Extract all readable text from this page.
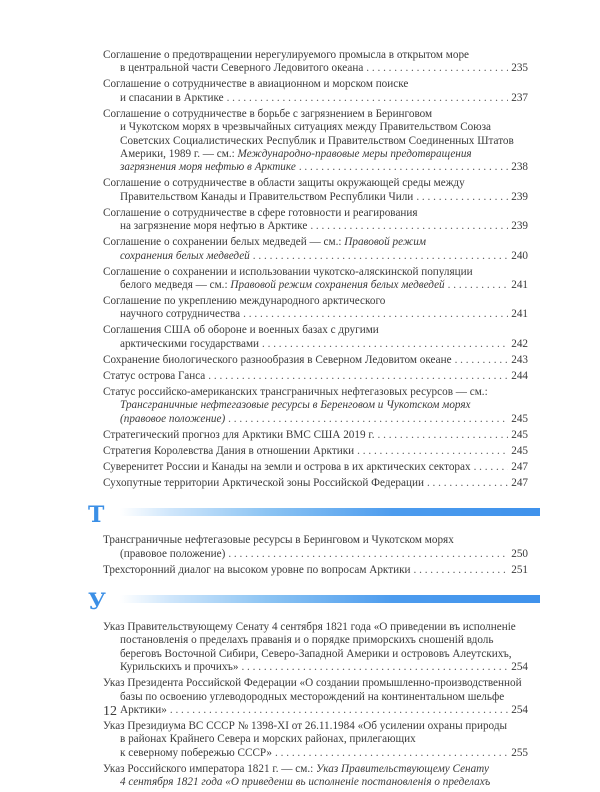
Соглашение о предотвращении нерегулируемого промысла в открытом море
в центральной части Северного Ледовитого океана . . .	235
Соглашение о сотрудничестве в авиационном и морском поиске
и спасании в Арктике . . .	237
Соглашение о сотрудничестве в борьбе с загрязнением в Беринговом
и Чукотском морях в чрезвычайных ситуациях между Правительством Союза
Советских Социалистических Республик и Правительством Соединенных Штатов
Америки, 1989 г. — см.: Международно-правовые меры предотвращения
загрязнения моря нефтью в Арктике . . .	238
Соглашение о сотрудничестве в области защиты окружающей среды между
Правительством Канады и Правительством Республики Чили . . .	239
Соглашение о сотрудничестве в сфере готовности и реагирования
на загрязнение моря нефтью в Арктике . . .	239
Соглашение о сохранении белых медведей — см.: Правовой режим
сохранения белых медведей . . .	240
Соглашение о сохранении и использовании чукотско-аляскинской популяции
белого медведя — см.: Правовой режим сохранения белых медведей . . .	241
Соглашение по укреплению международного арктического
научного сотрудничества . . .	241
Соглашения США об обороне и военных базах с другими
арктическими государствами . . .	242
Сохранение биологического разнообразия в Северном Ледовитом океане . . .	243
Статус острова Ганса . . .	244
Статус российско-американских трансграничных нефтегазовых ресурсов — см.:
Трансграничные нефтегазовые ресурсы в Беренговом и Чукотском морях
(правовое положение) . . .	245
Стратегический прогноз для Арктики ВМС США 2019 г. . . .	245
Стратегия Королевства Дания в отношении Арктики . . .	245
Суверенитет России и Канады на земли и острова в их арктических секторах . . .	247
Сухопутные территории Арктической зоны Российской Федерации . . .	247
Т
Трансграничные нефтегазовые ресурсы в Беринговом и Чукотском морях
(правовое положение) . . .	250
Трехсторонний диалог на высоком уровне по вопросам Арктики . . .	251
У
Указ Правительствующему Сенату 4 сентября 1821 года «О приведении въ исполненіе
постановленія о пределахъ праванія и о порядке приморскихъ сношеній вдоль
береговъ Восточной Сибири, Северо-Западной Америки и острововъ Алеутскихъ,
Курильскихъ и прочихъ» . . .	254
Указ Президента Российской Федерации «О создании промышленно-производственной
базы по освоению углеводородных месторождений на континентальном шельфе
Арктики» . . .	254
Указ Президиума ВС СССР № 1398-XI от 26.11.1984 «Об усилении охраны природы
в районах Крайнего Севера и морских районах, прилегающих
к северному побережью СССР» . . .	255
Указ Российского императора 1821 г. — см.: Указ Правительствующему Сенату
4 сентября 1821 года «О приведенш вь исполненіе постановленія о пределахъ
12
